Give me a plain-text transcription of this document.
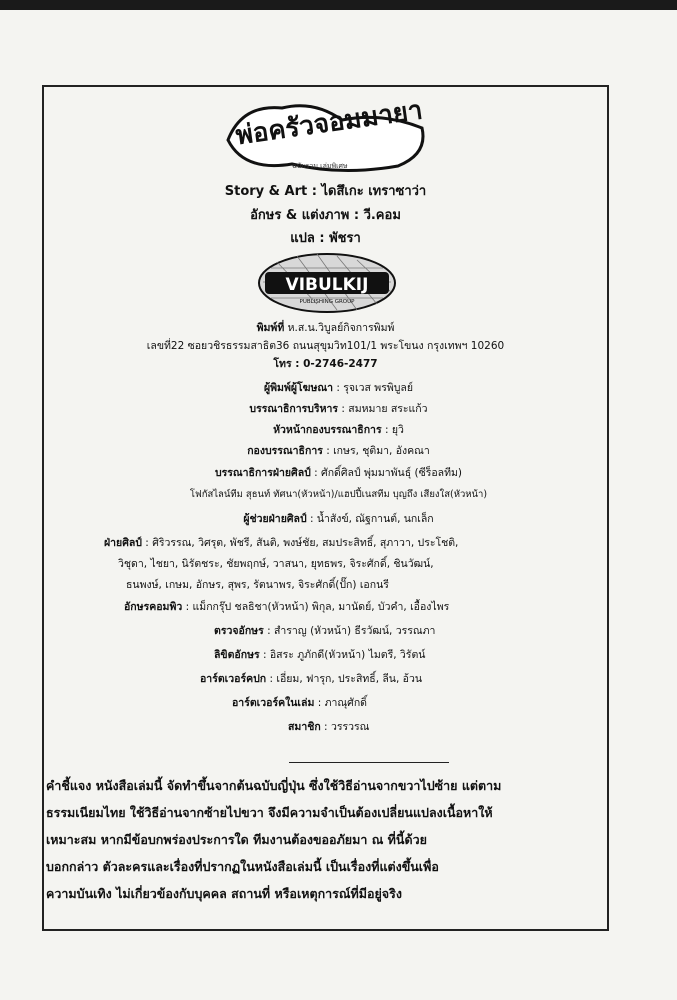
พ่อครัวจอมมายา
ฉบับรวม เล่มพิเศษ
Story & Art : ไดสึเกะ เทราซาว่า
อักษร & แต่งภาพ : วี.คอม
แปล : พัชรา
VIBULKIJ
PUBLISHING GROUP
พิมพ์ที่ ห.ส.น.วิบูลย์กิจการพิมพ์
เลขที่22 ซอยวชิรธรรมสาธิต36 ถนนสุขุมวิท101/1 พระโขนง กรุงเทพฯ 10260
โทร : 0-2746-2477
ผู้พิมพ์ผู้โฆษณา : รุจเวส พรพิบูลย์
บรรณาธิการบริหาร : สมหมาย สระแก้ว
หัวหน้ากองบรรณาธิการ : ยุวิ
กองบรรณาธิการ : เกษร, ชุติมา, อังคณา
บรรณาธิการฝ่ายศิลป์ : ศักดิ์ศิลป์ พุ่มมาพันธุ์ (ซีร็อลทีม)
โฟกัสไลน์ทีม สุธนท์ ทัศนา(หัวหน้า)/แฮปปี้เนสทีม บุญถึง เสียงใส(หัวหน้า)
ผู้ช่วยฝ่ายศิลป์ : น้ำสังข์, ณัฐกานต์, นกเล็ก
ฝ่ายศิลป์ : ศิริวรรณ, วิศรุต, พัชรี, สันติ, พงษ์ชัย, สมประสิทธิ์, สุภาวา, ประโชติ,
วิชุดา, ไชยา, นิรัตชระ, ชัยพฤกษ์, วาสนา, ยุทธพร, จิระศักดิ์, ชินวัฒน์,
ธนพงษ์, เกษม, อักษร, สุพร, รัตนาพร, จิระศักดิ์(ปั๊ก) เอกนรี
อักษรคอมพิว : แม็กกรุ๊ป ชลธิชา(หัวหน้า) พิกุล, มานัดย์, บัวคำ, เอื้องไพร
ตรวจอักษร : สำราญ (หัวหน้า) ธีรวัฒน์, วรรณภา
ลิขิตอักษร : อิสระ ภูภักดี(หัวหน้า) ไมตรี, วิรัตน์
อาร์ตเวอร์คปก : เอี่ยม, ฟารุก, ประสิทธิ์, ลีน, อ้วน
อาร์ตเวอร์คในเล่ม : ภาณุศักดิ์
สมาชิก : วรรวรณ

คำชี้แจง หนังสือเล่มนี้ จัดทำขึ้นจากต้นฉบับญี่ปุ่น ซึ่งใช้วิธีอ่านจากขวาไปซ้าย แต่ตาม

ธรรมเนียมไทย ใช้วิธีอ่านจากซ้ายไปขวา จึงมีความจำเป็นต้องเปลี่ยนแปลงเนื้อหาให้

เหมาะสม หากมีข้อบกพร่องประการใด ทีมงานต้องขออภัยมา ณ ที่นี้ด้วย

บอกกล่าว ตัวละครและเรื่องที่ปรากฏในหนังสือเล่มนี้ เป็นเรื่องที่แต่งขึ้นเพื่อ

ความบันเทิง ไม่เกี่ยวข้องกับบุคคล สถานที่ หรือเหตุการณ์ที่มีอยู่จริง
